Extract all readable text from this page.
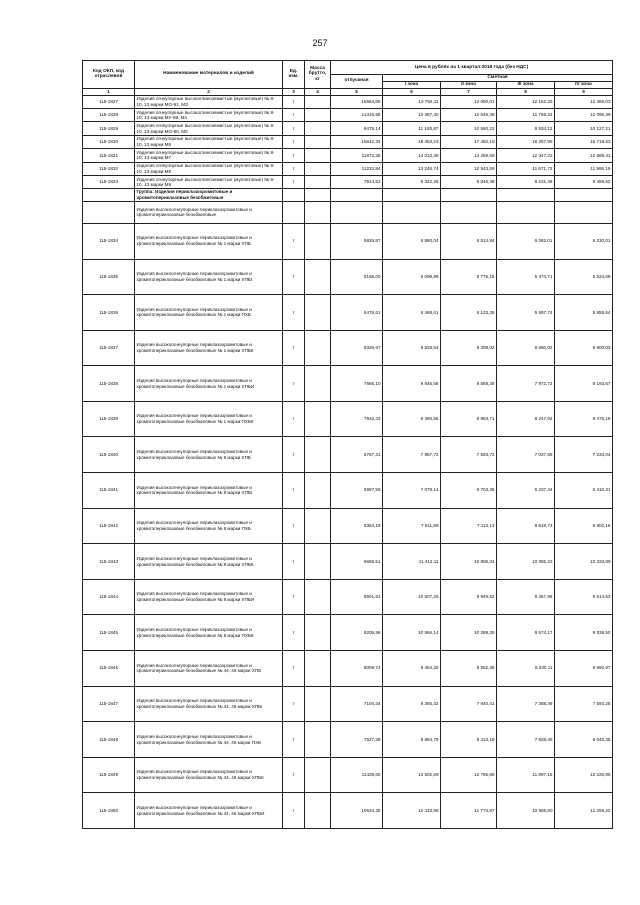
257
Код ОКП, код отраслевой	Наименование материалов и изделий	Ед. изм.	Масса брутто, кг	Цена в рублях на 1 квартал 2018 года (без НДС)				
				отпускная	Сметная			
					I зона	II зона	III зона	IV зона
1	2	3	4	5	6	7	8	9
115-1827	Изделия огнеупорные высокоглиноземистые (муллитовые) № 8-10, 13 марки МО-91, МЗ	т		15564,69	13 792,11	13 060,01	12 152,25	12 469,03
115-1828	Изделия огнеупорные высокоглиноземистые (муллитовые) № 8-10, 13 марки МУ-89, М4	т		11316,58	13 367,40	12 648,38	11 769,22	12 095,39
115-1829	Изделия огнеупорные высокоглиноземистые (муллитовые) № 8-10, 13 марки МО-80, М5	т		9475,14	11 183,87	10 560,22	9 834,12	10 127,21
115-1830	Изделия огнеупорные высокоглиноземистые (муллитовые) № 8-10, 13 марки М6	т		15642,33	18 463,23	17 482,19	16 257,98	16 718,62
115-1831	Изделия огнеупорные высокоглиноземистые (муллитовые) № 8-10, 13 марки М7	т		11872,36	14 013,38	13 269,56	12 347,22	12 689,41
115-1832	Изделия огнеупорные высокоглиноземистые (муллитовые) № 8-10, 13 марки М8	т		11222,84	13 246,74	12 543,59	11 671,72	11 995,19
115-1833	Изделия огнеупорные высокоглиноземистые (муллитовые) № 8-10, 13 марки М9	т		7914,52	9 342,26	8 846,38	8 231,49	8 459,62
	Группа: Изделия периклазохромитовые и хромитопериклазовые безобжиговые							
	Изделия высокоогнеупорные периклазохромитовые и хромитопериклазовые безобжиговые							
115-1834	Изделия высокоогнеупорные периклазохромитовые и хромитопериклазовые безобжиговые № 1 марки ХПБ	т		5826,87	6 880,04	6 514,84	6 062,01	6 230,01
115-1835	Изделия высокоогнеупорные периклазохромитовые и хромитопериклазовые безобжиговые № 1 марки ХПБІ	т		5168,00	6 099,99	5 776,19	5 374,71	5 523,69
115-1836	Изделия высокоогнеупорные периклазохромитовые и хромитопериклазовые безобжиговые № 1 марки ПХБ	т		5478,61	6 468,61	6 123,35	5 697,74	5 855,64
115-1837	Изделия высокоогнеупорные периклазохромитовые и хромитопериклазовые безобжиговые № 1 марки ХПБК	т		8326,97	9 828,54	9 308,02	8 660,02	8 900,03
115-1838	Изделия высокоогнеупорные периклазохромитовые и хромитопериклазовые безобжиговые № 1 марки ХПБИ	т		7866,10	9 946,58	8 568,28	7 972,72	8 193,67
115-1839	Изделия высокоогнеупорные периклазохромитовые и хромитопериклазовые безобжиговые № 1 марки ПХБК	т		7932,43	9 360,56	8 863,71	8 247,62	8 476,19
115-1840	Изделия высокоогнеупорные периклазохромитовые и хромитопериклазовые безобжиговые № 8 марки ХПБ	т		6767,31	7 987,72	7 563,72	7 037,89	7 233,04
115-1841	Изделия высокоогнеупорные периклазохромитовые и хромитопериклазовые безобжиговые № 8 марки ХПБІ	т		5997,56	7 079,14	6 703,38	6 237,44	6 410,31
115-1842	Изделия высокоогнеупорные периклазохромитовые и хромитопериклазовые безобжиговые № 8 марки ПХБ	т		6364,18	7 511,89	7 113,13	6 618,73	6 802,16
115-1843	Изделия высокоогнеупорные периклазохромитовые и хромитопериклазовые безобжиговые № 8 марки ХПБК	т		9668,51	11 412,11	10 806,34	10 055,22	10 333,89
115-1844	Изделия высокоогнеупорные периклазохромитовые и хромитопериклазовые безобжиговые № 8 марки ХПБИ	т		8901,91	10 507,26	9 949,52	9 257,96	9 514,53
115-1845	Изделия высокоогнеупорные периклазохромитовые и хромитопериклазовые безобжиговые № 8 марки ПХБК	т		9205,96	10 866,14	10 289,35	9 574,17	9 839,50
115-1846	Изделия высокоогнеупорные периклазохромитовые и хромитопериклазовые безобжиговые № 44, 46 марки ХПБ	т		8009,74	9 454,20	8 952,36	8 330,11	8 560,97
115-1847	Изделия высокоогнеупорные периклазохромитовые и хромитопериклазовые безобжиговые № 44, 46 марки ХПБІ	т		7104,34	8 385,32	7 940,41	7 388,49	7 593,25
115-1848	Изделия высокоогнеупорные периклазохромитовые и хромитопериклазовые безобжиговые № 44, 46 марки ПХБ	т		7527,38	8 884,79	8 413,19	7 828,40	8 045,35
115-1849	Изделия высокоогнеупорные периклазохромитовые и хромитопериклазовые безобжиговые № 44, 46 марки ХПБК	т		11439,60	13 502,59	12 785,86	11 897,15	12 226,86
115-1850	Изделия высокоогнеупорные периклазохромитовые и хромитопериклазовые безобжиговые № 44, 46 марки ХПБИ	т		10534,28	12 433,98	11 773,97	10 955,60	11 259,22
